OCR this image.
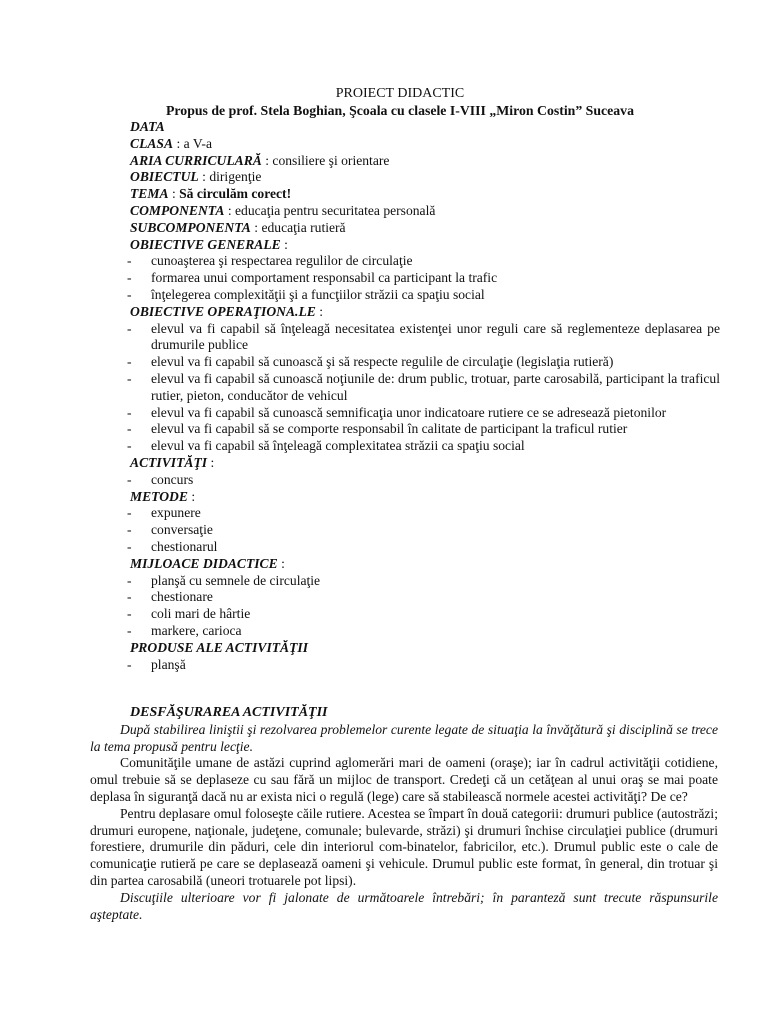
PROIECT DIDACTIC
Propus de prof. Stela Boghian, Şcoala cu clasele I-VIII „Miron Costin” Suceava
DATA
CLASA : a V-a
ARIA CURRICULARĂ : consiliere şi orientare
OBIECTUL : dirigenţie
TEMA : Să circulăm corect!
COMPONENTA : educaţia pentru securitatea personală
SUBCOMPONENTA : educaţia rutieră
OBIECTIVE GENERALE :
- cunoaşterea şi respectarea regulilor de circulaţie
- formarea unui comportament responsabil ca participant la trafic
- înţelegerea complexităţii şi a funcţiilor străzii ca spaţiu social
OBIECTIVE OPERAŢIONA.LE :
- elevul va fi capabil să înţeleagă necesitatea existenţei unor reguli care să reglementeze deplasarea pe drumurile publice
- elevul va fi capabil să cunoască şi să respecte regulile de circulaţie (legislaţia rutieră)
- elevul va fi capabil să cunoască noţiunile de: drum public, trotuar, parte carosabilă, participant la traficul rutier, pieton, conducător de vehicul
- elevul va fi capabil să cunoască semnificaţia unor indicatoare rutiere ce se adresează pietonilor
- elevul va fi capabil să se comporte responsabil în calitate de participant la traficul rutier
- elevul va fi capabil să înţeleagă complexitatea străzii ca spaţiu social
ACTIVITĂŢI :
- concurs
METODE :
- expunere
- conversaţie
- chestionarul
MIJLOACE DIDACTICE :
- planşă cu semnele de circulaţie
- chestionare
- coli mari de hârtie
- markere, carioca
PRODUSE ALE ACTIVITĂŢII
- planşă
DESFĂŞURAREA ACTIVITĂŢII

După stabilirea liniştii şi rezolvarea problemelor curente legate de situaţia la învăţătură şi disciplină se trece la tema propusă pentru lecţie.

Comunităţile umane de astăzi cuprind aglomerări mari de oameni (oraşe); iar în cadrul activităţii cotidiene, omul trebuie să se deplaseze cu sau fără un mijloc de transport. Credeţi că un cetăţean al unui oraş se mai poate deplasa în siguranţă dacă nu ar exista nici o regulă (lege) care să stabilească normele acestei activităţi? De ce?

Pentru deplasare omul foloseşte căile rutiere. Acestea se împart în două categorii: drumuri publice (autostrăzi; drumuri europene, naţionale, judeţene, comunale; bulevarde, străzi) şi drumuri închise circulaţiei publice (drumuri forestiere, drumurile din păduri, cele din interiorul com-binatelor, fabricilor, etc.). Drumul public este o cale de comunicaţie rutieră pe care se deplasează oameni şi vehicule. Drumul public este format, în general, din trotuar şi din partea carosabilă (uneori trotuarele pot lipsi).

Discuţiile ulterioare vor fi jalonate de următoarele întrebări; în paranteză sunt trecute răspunsurile aşteptate.
